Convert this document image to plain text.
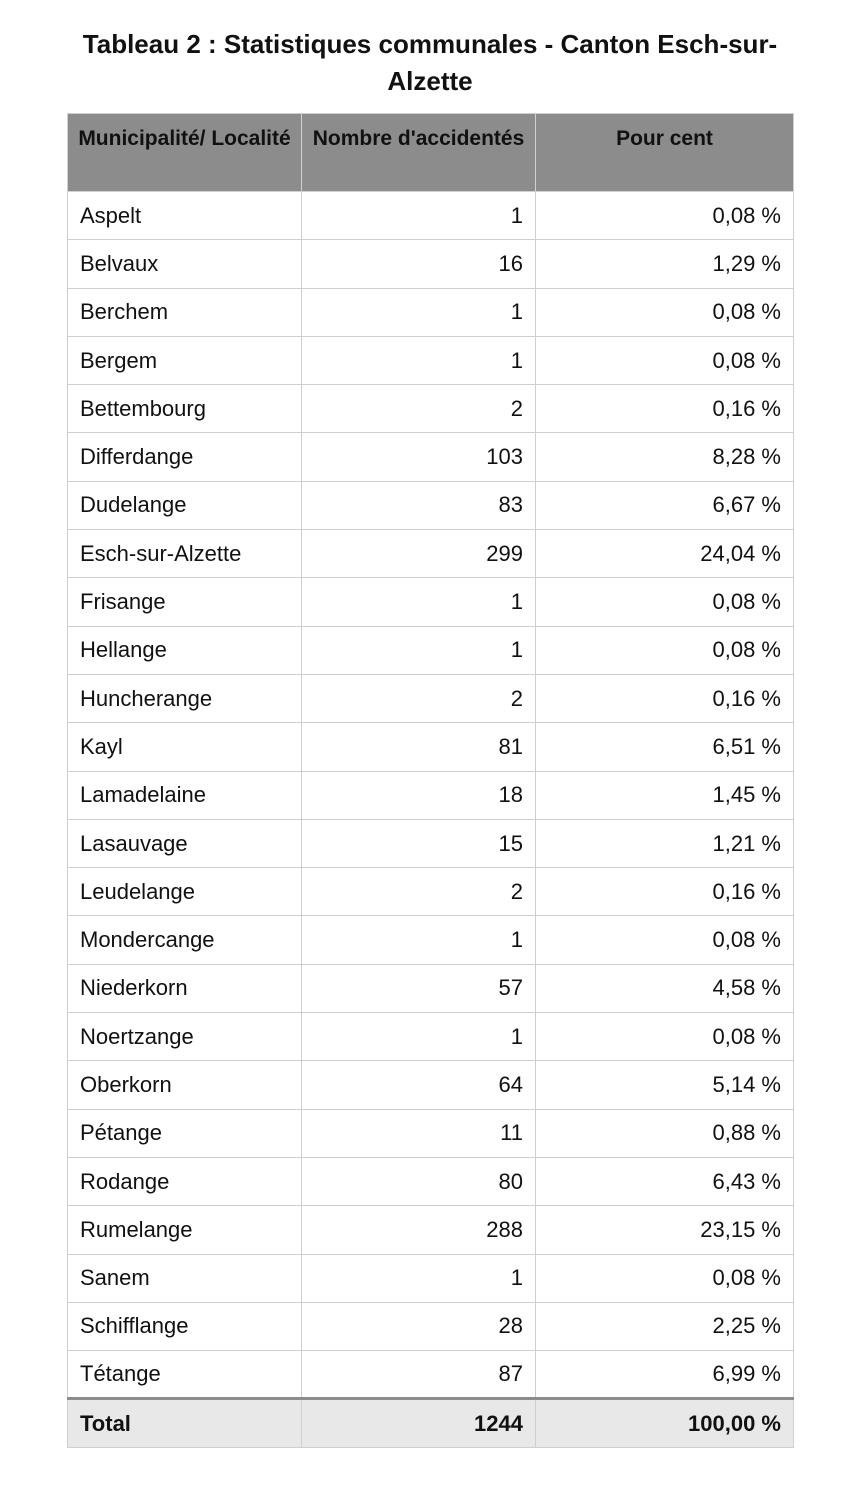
Tableau 2 : Statistiques communales - Canton Esch-sur-Alzette
Municipalité/ Localité	Nombre d'accidentés	Pour cent
Aspelt	1	0,08 %
Belvaux	16	1,29 %
Berchem	1	0,08 %
Bergem	1	0,08 %
Bettembourg	2	0,16 %
Differdange	103	8,28 %
Dudelange	83	6,67 %
Esch-sur-Alzette	299	24,04 %
Frisange	1	0,08 %
Hellange	1	0,08 %
Huncherange	2	0,16 %
Kayl	81	6,51 %
Lamadelaine	18	1,45 %
Lasauvage	15	1,21 %
Leudelange	2	0,16 %
Mondercange	1	0,08 %
Niederkorn	57	4,58 %
Noertzange	1	0,08 %
Oberkorn	64	5,14 %
Pétange	11	0,88 %
Rodange	80	6,43 %
Rumelange	288	23,15 %
Sanem	1	0,08 %
Schifflange	28	2,25 %
Tétange	87	6,99 %
Total	1244	100,00 %
